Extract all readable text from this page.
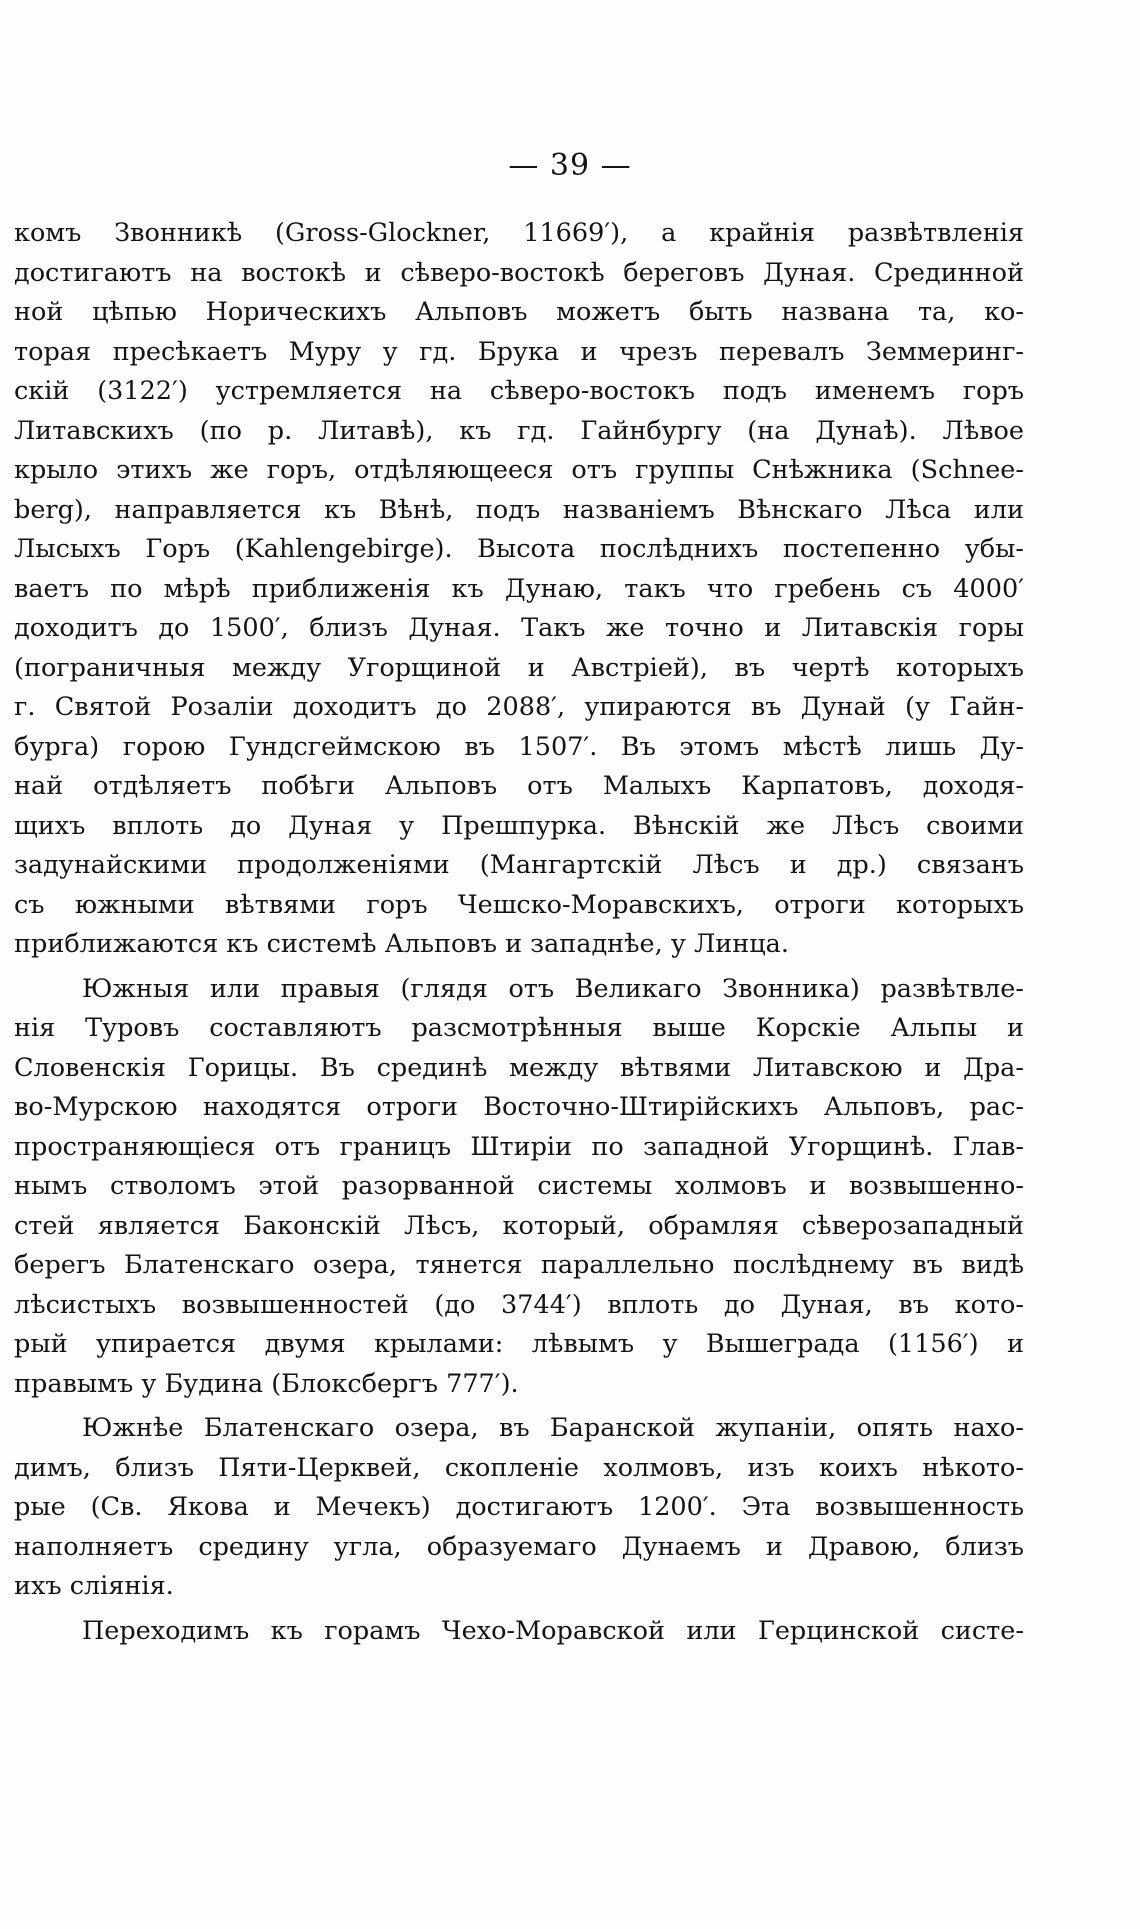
— 39 —
комъ Звонникѣ (Gross-Glockner, 11669′), а крайнія развѣтвленія
достигаютъ на востокѣ и сѣверо-востокѣ береговъ Дуная. Срединной
ной цѣпью Норическихъ Альповъ можетъ быть названа та, ко-
торая пресѣкаетъ Муру у гд. Брука и чрезъ перевалъ Земмеринг-
скій (3122′) устремляется на сѣверо-востокъ подъ именемъ горъ
Литавскихъ (по р. Литавѣ), къ гд. Гайнбургу (на Дунаѣ). Лѣвое
крыло этихъ же горъ, отдѣляющееся отъ группы Снѣжника (Schnee-
berg), направляется къ Вѣнѣ, подъ названіемъ Вѣнскаго Лѣса или
Лысыхъ Горъ (Kahlengebirge). Высота послѣднихъ постепенно убы-
ваетъ по мѣрѣ приближенія къ Дунаю, такъ что гребень съ 4000′
доходитъ до 1500′, близъ Дуная. Такъ же точно и Литавскія горы
(пограничныя между Угорщиной и Австріей), въ чертѣ которыхъ
г. Святой Розаліи доходитъ до 2088′, упираются въ Дунай (у Гайн-
бурга) горою Гундсгеймскою въ 1507′. Въ этомъ мѣстѣ лишь Ду-
най отдѣляетъ побѣги Альповъ отъ Малыхъ Карпатовъ, доходя-
щихъ вплоть до Дуная у Прешпурка. Вѣнскій же Лѣсъ своими
задунайскими продолженіями (Мангартскій Лѣсъ и др.) связанъ
съ южными вѣтвями горъ Чешско-Моравскихъ, отроги которыхъ
приближаются къ системѣ Альповъ и западнѣе, у Линца.
Южныя или правыя (глядя отъ Великаго Звонника) развѣтвле-
нія Туровъ составляютъ разсмотрѣнныя выше Корскіе Альпы и
Словенскія Горицы. Въ срединѣ между вѣтвями Литавскою и Дра-
во-Мурскою находятся отроги Восточно-Штирійскихъ Альповъ, рас-
пространяющіеся отъ границъ Штиріи по западной Угорщинѣ. Глав-
нымъ стволомъ этой разорванной системы холмовъ и возвышенно-
стей является Баконскій Лѣсъ, который, обрамляя сѣверозападный
берегъ Блатенскаго озера, тянется параллельно послѣднему въ видѣ
лѣсистыхъ возвышенностей (до 3744′) вплоть до Дуная, въ кото-
рый упирается двумя крылами: лѣвымъ у Вышеграда (1156′) и
правымъ у Будина (Блоксбергъ 777′).
Южнѣе Блатенскаго озера, въ Баранской жупаніи, опять нахо-
димъ, близъ Пяти-Церквей, скопленіе холмовъ, изъ коихъ нѣкото-
рые (Св. Якова и Мечекъ) достигаютъ 1200′. Эта возвышенность
наполняетъ средину угла, образуемаго Дунаемъ и Дравою, близъ
ихъ сліянія.
Переходимъ къ горамъ Чехо-Моравской или Герцинской систе-
